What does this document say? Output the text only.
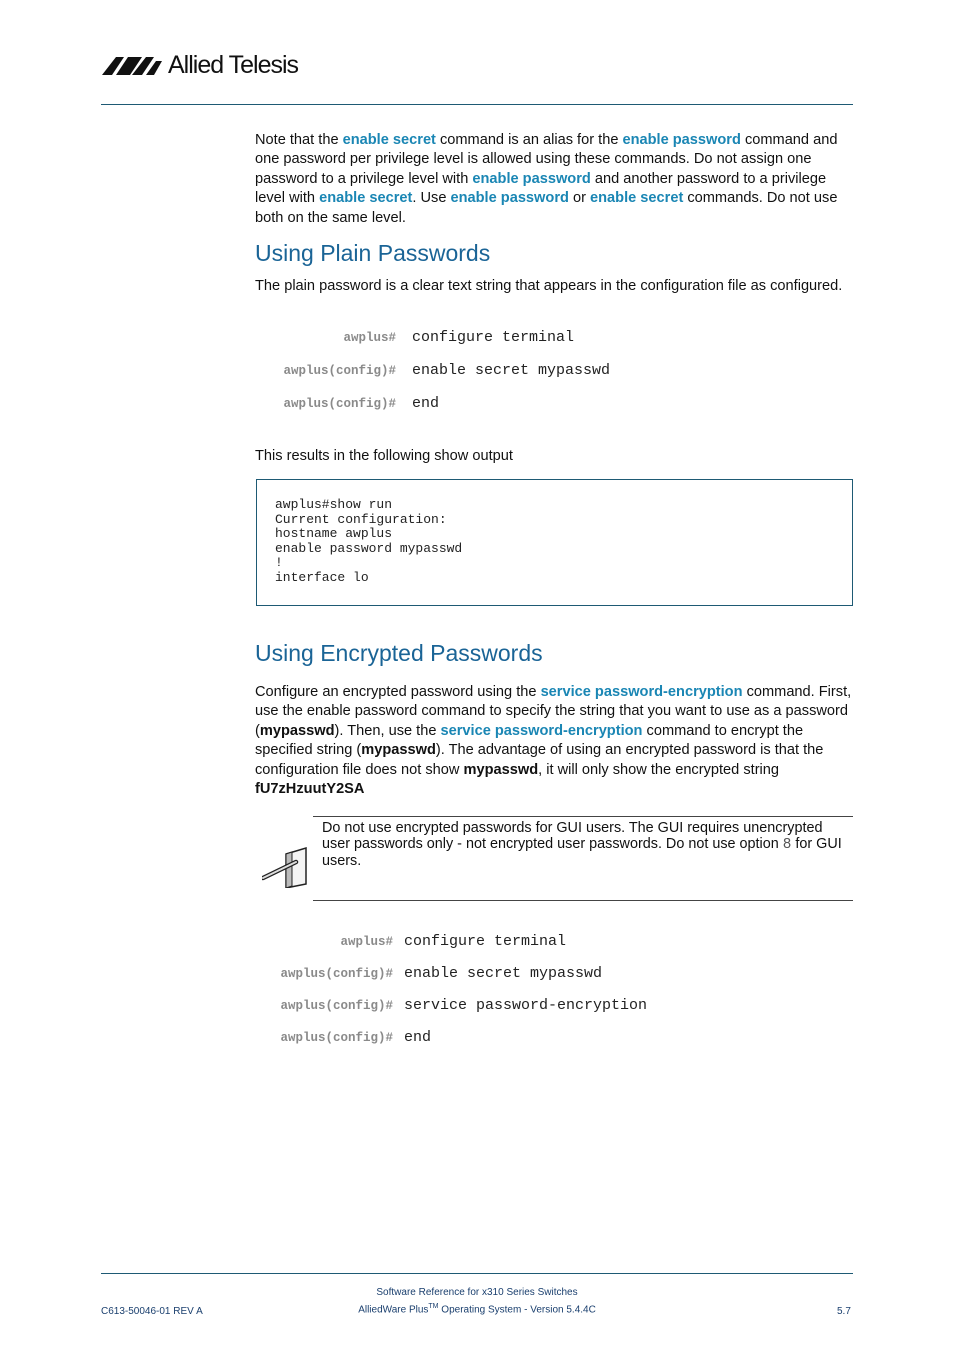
Allied Telesis

Note that the enable secret command is an alias for the enable password command and one password per privilege level is allowed using these commands. Do not assign one password to a privilege level with enable password and another password to a privilege level with enable secret. Use enable password or enable secret commands. Do not use both on the same level.

Using Plain Passwords

The plain password is a clear text string that appears in the configuration file as configured.

awplus# configure terminal
awplus(config)# enable secret mypasswd
awplus(config)# end

This results in the following show output

awplus#show run
Current configuration:
hostname awplus
enable password mypasswd
!
interface lo
Using Encrypted Passwords

Configure an encrypted password using the service password-encryption command. First, use the enable password command to specify the string that you want to use as a password (mypasswd). Then, use the service password-encryption command to encrypt the specified string (mypasswd). The advantage of using an encrypted password is that the configuration file does not show mypasswd, it will only show the encrypted string
fU7zHzuutY2SA

Do not use encrypted passwords for GUI users. The GUI requires unencrypted user passwords only - not encrypted user passwords. Do not use option 8 for GUI users.

awplus# configure terminal
awplus(config)# enable secret mypasswd
awplus(config)# service password-encryption
awplus(config)# end
Software Reference for x310 Series Switches
C613-50046-01 REV A	AlliedWare Plus™ Operating System - Version 5.4.4C	5.7
